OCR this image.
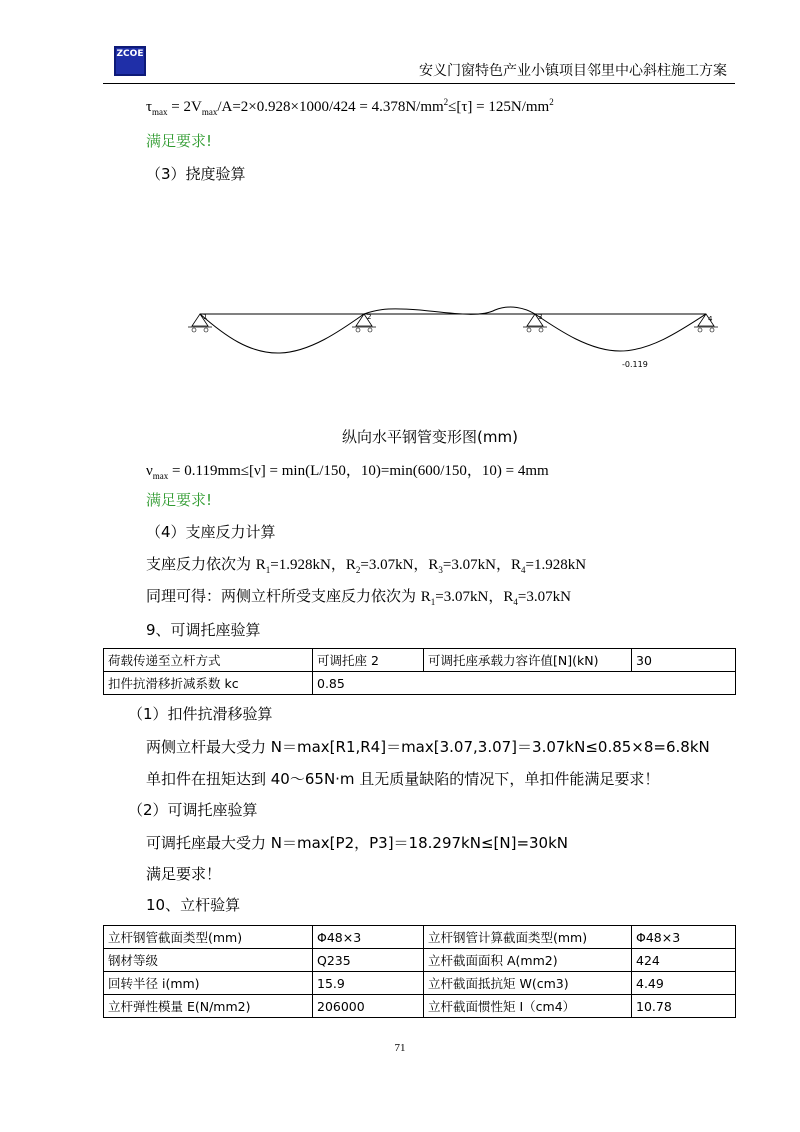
ZCOE
安义门窗特色产业小镇项目邻里中心斜柱施工方案
$\tau_{max} = 2V_{max}/A=2\times 0.928\times 1000/424 = 4.378N/mm^2\le[\tau] = 125N/mm^2$
满足要求!
（3）挠度验算
1	2	3	4
-0.119
纵向水平钢管变形图(mm)
$\nu_{max} = 0.119mm\le[\nu] = \min(L/150$，10)=min(600/150，10) = 4mm
满足要求!
（4）支座反力计算
支座反力依次为 $R_1=1.928kN$，$R_2=3.07kN$，$R_3=3.07kN$，$R_4=1.928kN$
同理可得：两侧立杆所受支座反力依次为 $R_1=3.07kN$，$R_4=3.07kN$
9、可调托座验算
荷载传递至立杆方式	可调托座 2	可调托座承载力容许值[N](kN)	30
扣件抗滑移折减系数 kc	0.85		
（1）扣件抗滑移验算
两侧立杆最大受力 N＝max[R1,R4]＝max[3.07,3.07]＝3.07kN≤0.85×8=6.8kN
单扣件在扭矩达到 40～65N·m 且无质量缺陷的情况下，单扣件能满足要求！
（2）可调托座验算
可调托座最大受力 N＝max[P2，P3]＝18.297kN≤[N]=30kN
满足要求！
10、立杆验算
立杆钢管截面类型(mm)	Φ48×3	立杆钢管计算截面类型(mm)	Φ48×3
钢材等级	Q235	立杆截面面积 A(mm2)	424
回转半径 i(mm)	15.9	立杆截面抵抗矩 W(cm3)	4.49
立杆弹性模量 E(N/mm2)	206000	立杆截面惯性矩 I（cm4）	10.78
71
